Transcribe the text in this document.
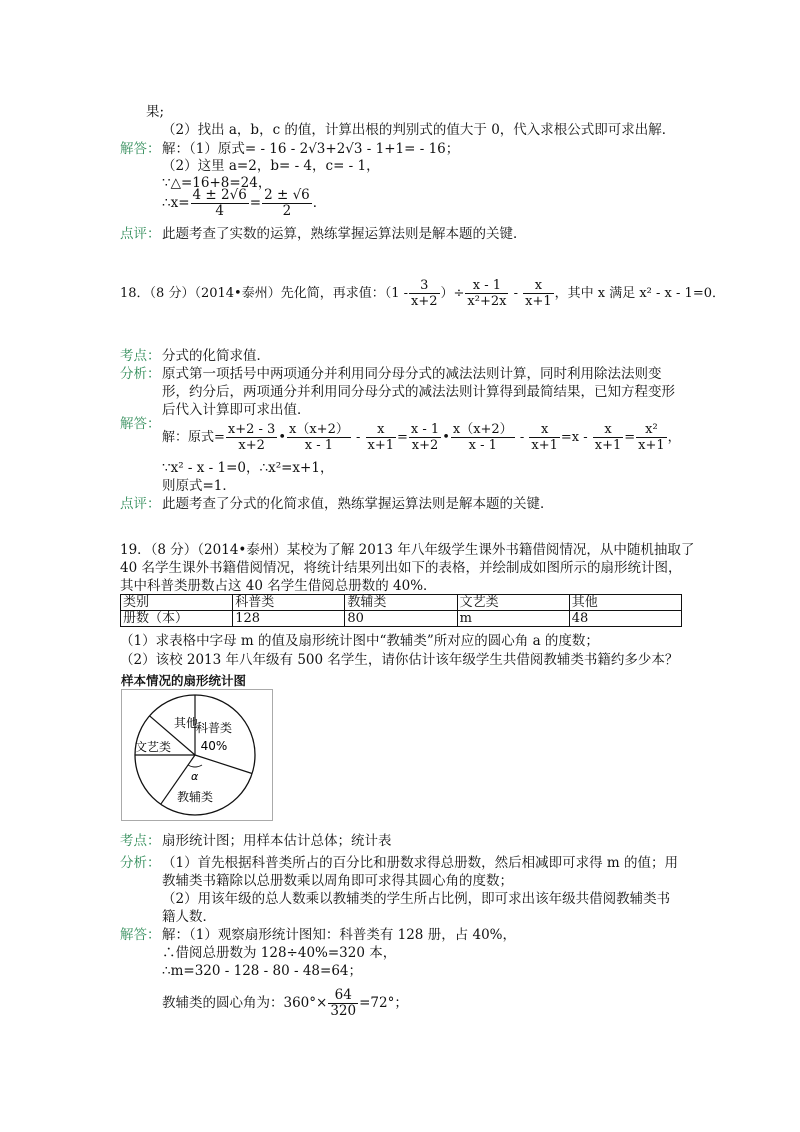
果;
（2）找出 a，b，c 的值，计算出根的判别式的值大于 0，代入求根公式即可求出解．
解答： 解：（1）原式= - 16 - 2√3+2√3 - 1+1= - 16；
（2）这里 a=2，b= - 4，c= - 1，
∵△=16+8=24，
∴x= $\frac{4 \pm 2√6}{4} = \frac{2 \pm √6}{2}$ ．
点评： 此题考查了实数的运算，熟练掌握运算法则是解本题的关键．
18．（8 分）（2014•泰州）先化简，再求值：（$1 - \frac{3}{x+2}$ ）÷ $\frac{x - 1}{\text{x²+2x}} - \frac{x}{x+1}$ ，其中 x 满足 x² - x - 1=0．
考点： 分式的化简求值．
分析： 原式第一项括号中两项通分并利用同分母分式的减法法则计算，同时利用除法法则变
形，约分后，两项通分并利用同分母分式的减法法则计算得到最简结果，已知方程变形
后代入计算即可求出值．
解答：
解：原式= $\frac{x+2 - 3}{x+2}$ • $\frac{x(x+2)}{x - 1} - \frac{x}{x+1} = \frac{x - 1}{x+2}$ • $\frac{x(x+2)}{x - 1} - \frac{x}{x+1} =x - \frac{x}{x+1} = \frac{\text{x²}}{x+1}$ ，
∵x² - x - 1=0，∴x²=x+1，
则原式=1．
点评： 此题考查了分式的化简求值，熟练掌握运算法则是解本题的关键．
19．（8 分）（2014•泰州）某校为了解 2013 年八年级学生课外书籍借阅情况，从中随机抽取了
40 名学生课外书籍借阅情况，将统计结果列出如下的表格，并绘制成如图所示的扇形统计图，
其中科普类册数占这 40 名学生借阅总册数的 40%．
类别	科普类	教辅类	文艺类	其他
册数（本）	128	80	m	48
（1）求表格中字母 m 的值及扇形统计图中“教辅类”所对应的圆心角 a 的度数；
（2）该校 2013 年八年级有 500 名学生，请你估计该年级学生共借阅教辅类书籍约多少本？
样本情况的扇形统计图
科普类
40%
其他
文艺类
教辅类
α
考点： 扇形统计图；用样本估计总体；统计表
分析： （1）首先根据科普类所占的百分比和册数求得总册数，然后相减即可求得 m 的值；用
教辅类书籍除以总册数乘以周角即可求得其圆心角的度数；
（2）用该年级的总人数乘以教辅类的学生所占比例，即可求出该年级共借阅教辅类书
籍人数．
解答： 解：（1）观察扇形统计图知：科普类有 128 册，占 40%，
∴借阅总册数为 128÷40%=320 本，
∴m=320 - 128 - 80 - 48=64；
教辅类的圆心角为：$360^\circ\times \frac{64}{320} =72^\circ$；
